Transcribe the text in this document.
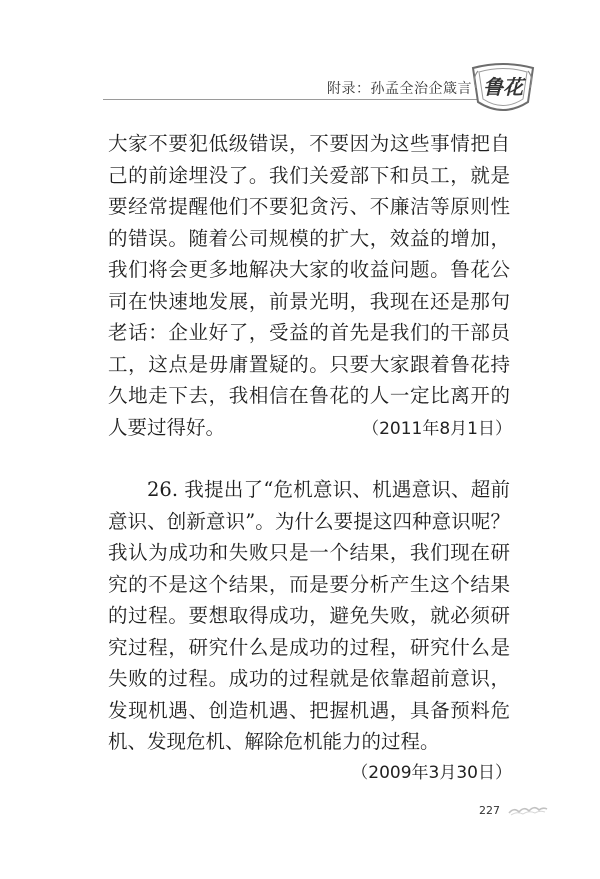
附录：孙孟全治企箴言 鲁花
大家不要犯低级错误，不要因为这些事情把自己的前途埋没了。我们关爱部下和员工，就是要经常提醒他们不要犯贪污、不廉洁等原则性的错误。随着公司规模的扩大，效益的增加，我们将会更多地解决大家的收益问题。鲁花公司在快速地发展，前景光明，我现在还是那句老话：企业好了，受益的首先是我们的干部员工，这点是毋庸置疑的。只要大家跟着鲁花持久地走下去，我相信在鲁花的人一定比离开的人要过得好。	（2011年8月1日）
26. 我提出了“危机意识、机遇意识、超前意识、创新意识”。为什么要提这四种意识呢？我认为成功和失败只是一个结果，我们现在研究的不是这个结果，而是要分析产生这个结果的过程。要想取得成功，避免失败，就必须研究过程，研究什么是成功的过程，研究什么是失败的过程。成功的过程就是依靠超前意识，发现机遇、创造机遇、把握机遇，具备预料危机、发现危机、解除危机能力的过程。
（2009年3月30日）
227
